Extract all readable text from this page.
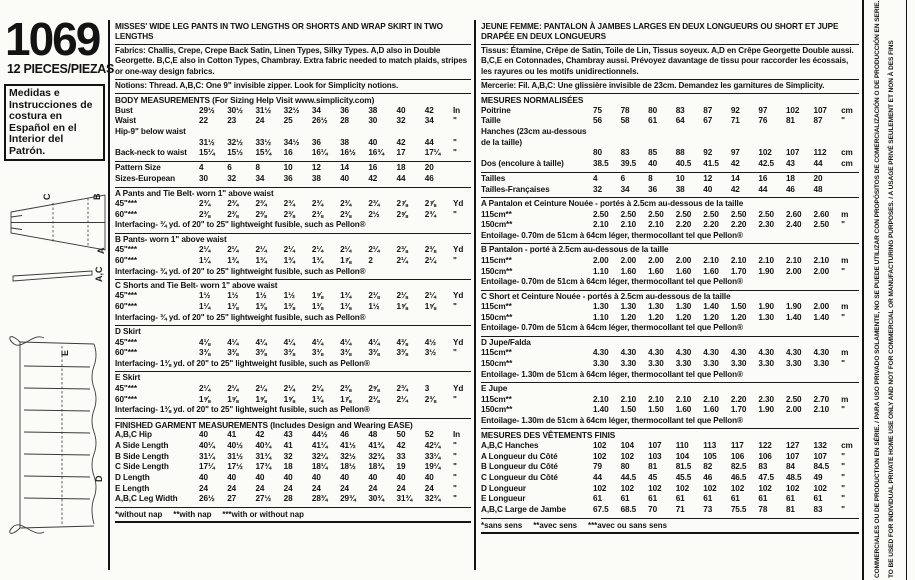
1069
12 PIECES/PIEZAS
Medidas e Instrucciones de costura en Español en el Interior del Patrón.
C	B
A
A,C
E
D
MISSES' WIDE LEG PANTS IN TWO LENGTHS OR SHORTS AND WRAP SKIRT IN TWO LENGTHS
Fabrics: Challis, Crepe, Crepe Back Satin, Linen Types, Silky Types. A,D also in Double Georgette. B,C,E also in Cotton Types, Chambray. Extra fabric needed to match plaids, stripes or one-way design fabrics.
Notions: Thread. A,B,C: One 9" invisible zipper. Look for Simplicity notions.
BODY MEASUREMENTS (For Sizing Help Visit www.simplicity.com)
Bust	29½	30½	31½	32½	34	36	38	40	42	In
Waist	22	23	24	25	26½	28	30	32	34	"
Hip-9" below waist
31½	32½	33½	34½	36	38	40	42	44	"
Back-neck to waist	15¼	15½	15¾	16	16¼	16½	16¾	17	17¼	"
Pattern Size	4	6	8	10	12	14	16	18	20
Sizes-European	30	32	34	36	38	40	42	44	46
A Pants and Tie Belt- worn 1" above waist
45"***	2¾	2¾	2¾	2¾	2¾	2¾	2¾	2⅞	2⅞	Yd
60"***	2⅜	2⅜	2⅜	2⅜	2⅜	2⅜	2½	2⅝	2¾	"
Interfacing- ¾ yd. of 20" to 25" lightweight fusible, such as Pellon®
B Pants- worn 1" above waist
45"***	2¼	2¼	2¼	2¼	2¼	2¼	2¼	2⅜	2⅜	Yd
60"***	1¼	1¾	1¾	1¾	1¾	1⅞	2	2¼	2¼	"
Interfacing- ¾ yd. of 20" to 25" lightweight fusible, such as Pellon®
C Shorts and Tie Belt- worn 1" above waist
45"***	1½	1½	1½	1½	1⅝	1¾	2⅛	2⅛	2¼	Yd
60"***	1¼	1⅜	1⅜	1⅜	1⅜	1⅜	1½	1⅝	1⅝	"
Interfacing- ¾ yd. of 20" to 25" lightweight fusible, such as Pellon®
D Skirt
45"***	4⅛	4¼	4¼	4¼	4¼	4¼	4¼	4⅜	4½	Yd
60"***	3⅜	3⅜	3⅜	3⅜	3⅜	3⅜	3⅜	3⅜	3½	"
Interfacing- 1⅜ yd. of 20" to 25" lightweight fusible, such as Pellon®
E Skirt
45"***	2¼	2¼	2¼	2¼	2¼	2⅜	2⅝	2¾	3	Yd
60"***	1⅝	1⅝	1⅝	1⅝	1¾	1⅞	2⅛	2¼	2⅜	"
Interfacing- 1⅜ yd. of 20" to 25" lightweight fusible, such as Pellon®
FINISHED GARMENT MEASUREMENTS (Includes Design and Wearing EASE)
A,B,C Hip	40	41	42	43	44½	46	48	50	52	In
A Side Length	40¼	40½	40¾	41	41¼	41½	41¾	42	42¼	"
B Side Length	31¼	31½	31¾	32	32¼	32½	32¾	33	33¼	"
C Side Length	17¼	17½	17¾	18	18¼	18½	18¾	19	19¼	"
D Length	40	40	40	40	40	40	40	40	40	"
E Length	24	24	24	24	24	24	24	24	24	"
A,B,C Leg Width	26½	27	27½	28	28¾	29¾	30¾	31¾	32¾	"
*without nap     **with nap     ***with or without nap
JEUNE FEMME: PANTALON À JAMBES LARGES EN DEUX LONGUEURS OU SHORT ET JUPE DRAPÉE EN DEUX LONGUEURS
Tissus: Étamine, Crêpe de Satin, Toile de Lin, Tissus soyeux. A,D en Crêpe Georgette Double aussi. B,C,E en Cotonnades, Chambray aussi. Prévoyez davantage de tissu pour raccorder les écossais, les rayures ou les motifs unidirectionnels.
Mercerie: Fil. A,B,C: Une glissière invisible de 23cm. Demandez les garnitures de Simplicity.
MESURES NORMALISÉES
Poitrine	75	78	80	83	87	92	97	102	107	cm
Taille	56	58	61	64	67	71	76	81	87	"
Hanches (23cm au-dessous de la taille)
80	83	85	88	92	97	102	107	112	cm
Dos (encolure à taille)	38.5	39.5	40	40.5	41.5	42	42.5	43	44	cm
Tailles	4	6	8	10	12	14	16	18	20
Tailles-Françaises	32	34	36	38	40	42	44	46	48
A Pantalon et Ceinture Nouée - portés à 2.5cm au-dessous de la taille
115cm**	2.50	2.50	2.50	2.50	2.50	2.50	2.50	2.60	2.60	m
150cm**	2.10	2.10	2.10	2.20	2.20	2.20	2.30	2.40	2.50	"
Entoilage- 0.70m de 51cm à 64cm léger, thermocollant tel que Pellon®
B Pantalon - porté à 2.5cm au-dessous de la taille
115cm**	2.00	2.00	2.00	2.00	2.10	2.10	2.10	2.10	2.10	m
150cm**	1.10	1.60	1.60	1.60	1.60	1.70	1.90	2.00	2.00	"
Entoilage- 0.70m de 51cm à 64cm léger, thermocollant tel que Pellon®
C Short et Ceinture Nouée - portés à 2.5cm au-dessous de la taille
115cm**	1.30	1.30	1.30	1.30	1.40	1.50	1.90	1.90	2.00	m
150cm**	1.10	1.20	1.20	1.20	1.20	1.20	1.30	1.40	1.40	"
Entoilage- 0.70m de 51cm à 64cm léger, thermocollant tel que Pellon®
D Jupe/Falda
115cm**	4.30	4.30	4.30	4.30	4.30	4.30	4.30	4.30	4.30	m
150cm**	3.30	3.30	3.30	3.30	3.30	3.30	3.30	3.30	3.30	"
Entoilage- 1.30m de 51cm à 64cm léger, thermocollant tel que Pellon®
E Jupe
115cm**	2.10	2.10	2.10	2.10	2.10	2.20	2.30	2.50	2.70	m
150cm**	1.40	1.50	1.50	1.60	1.60	1.70	1.90	2.00	2.10	"
Entoilage- 1.30m de 51cm à 64cm léger, thermocollant tel que Pellon®
MESURES DES VÊTEMENTS FINIS
A,B,C Hanches	102	104	107	110	113	117	122	127	132	cm
A Longueur du Côté	102	102	103	104	105	106	106	107	107	"
B Longueur du Côté	79	80	81	81.5	82	82.5	83	84	84.5	"
C Longueur du Côté	44	44.5	45	45.5	46	46.5	47.5	48.5	49	"
D Longueur	102	102	102	102	102	102	102	102	102	"
E Longueur	61	61	61	61	61	61	61	61	61	"
A,B,C Large de Jambe	67.5	68.5	70	71	73	75.5	78	81	83	"
*sans sens     **avec sens     ***avec ou sans sens	TO BE USED FOR INDIVIDUAL PRIVATE HOME USE ONLY AND NOT FOR COMMERCIAL OR MANUFACTURING PURPOSES. / A USAGE PRIVÉ SEULEMENT ET NON À DES FINS
COMMERCIALES OU DE PRODUCTION EN SÉRIE. / PARA USO PRIVADO SOLAMENTE, NO SE PUEDE UTILIZAR CON PROPÓSITOS DE COMERCIALIZACIÓN O DE PRODUCCIÓN EN SERIE.
